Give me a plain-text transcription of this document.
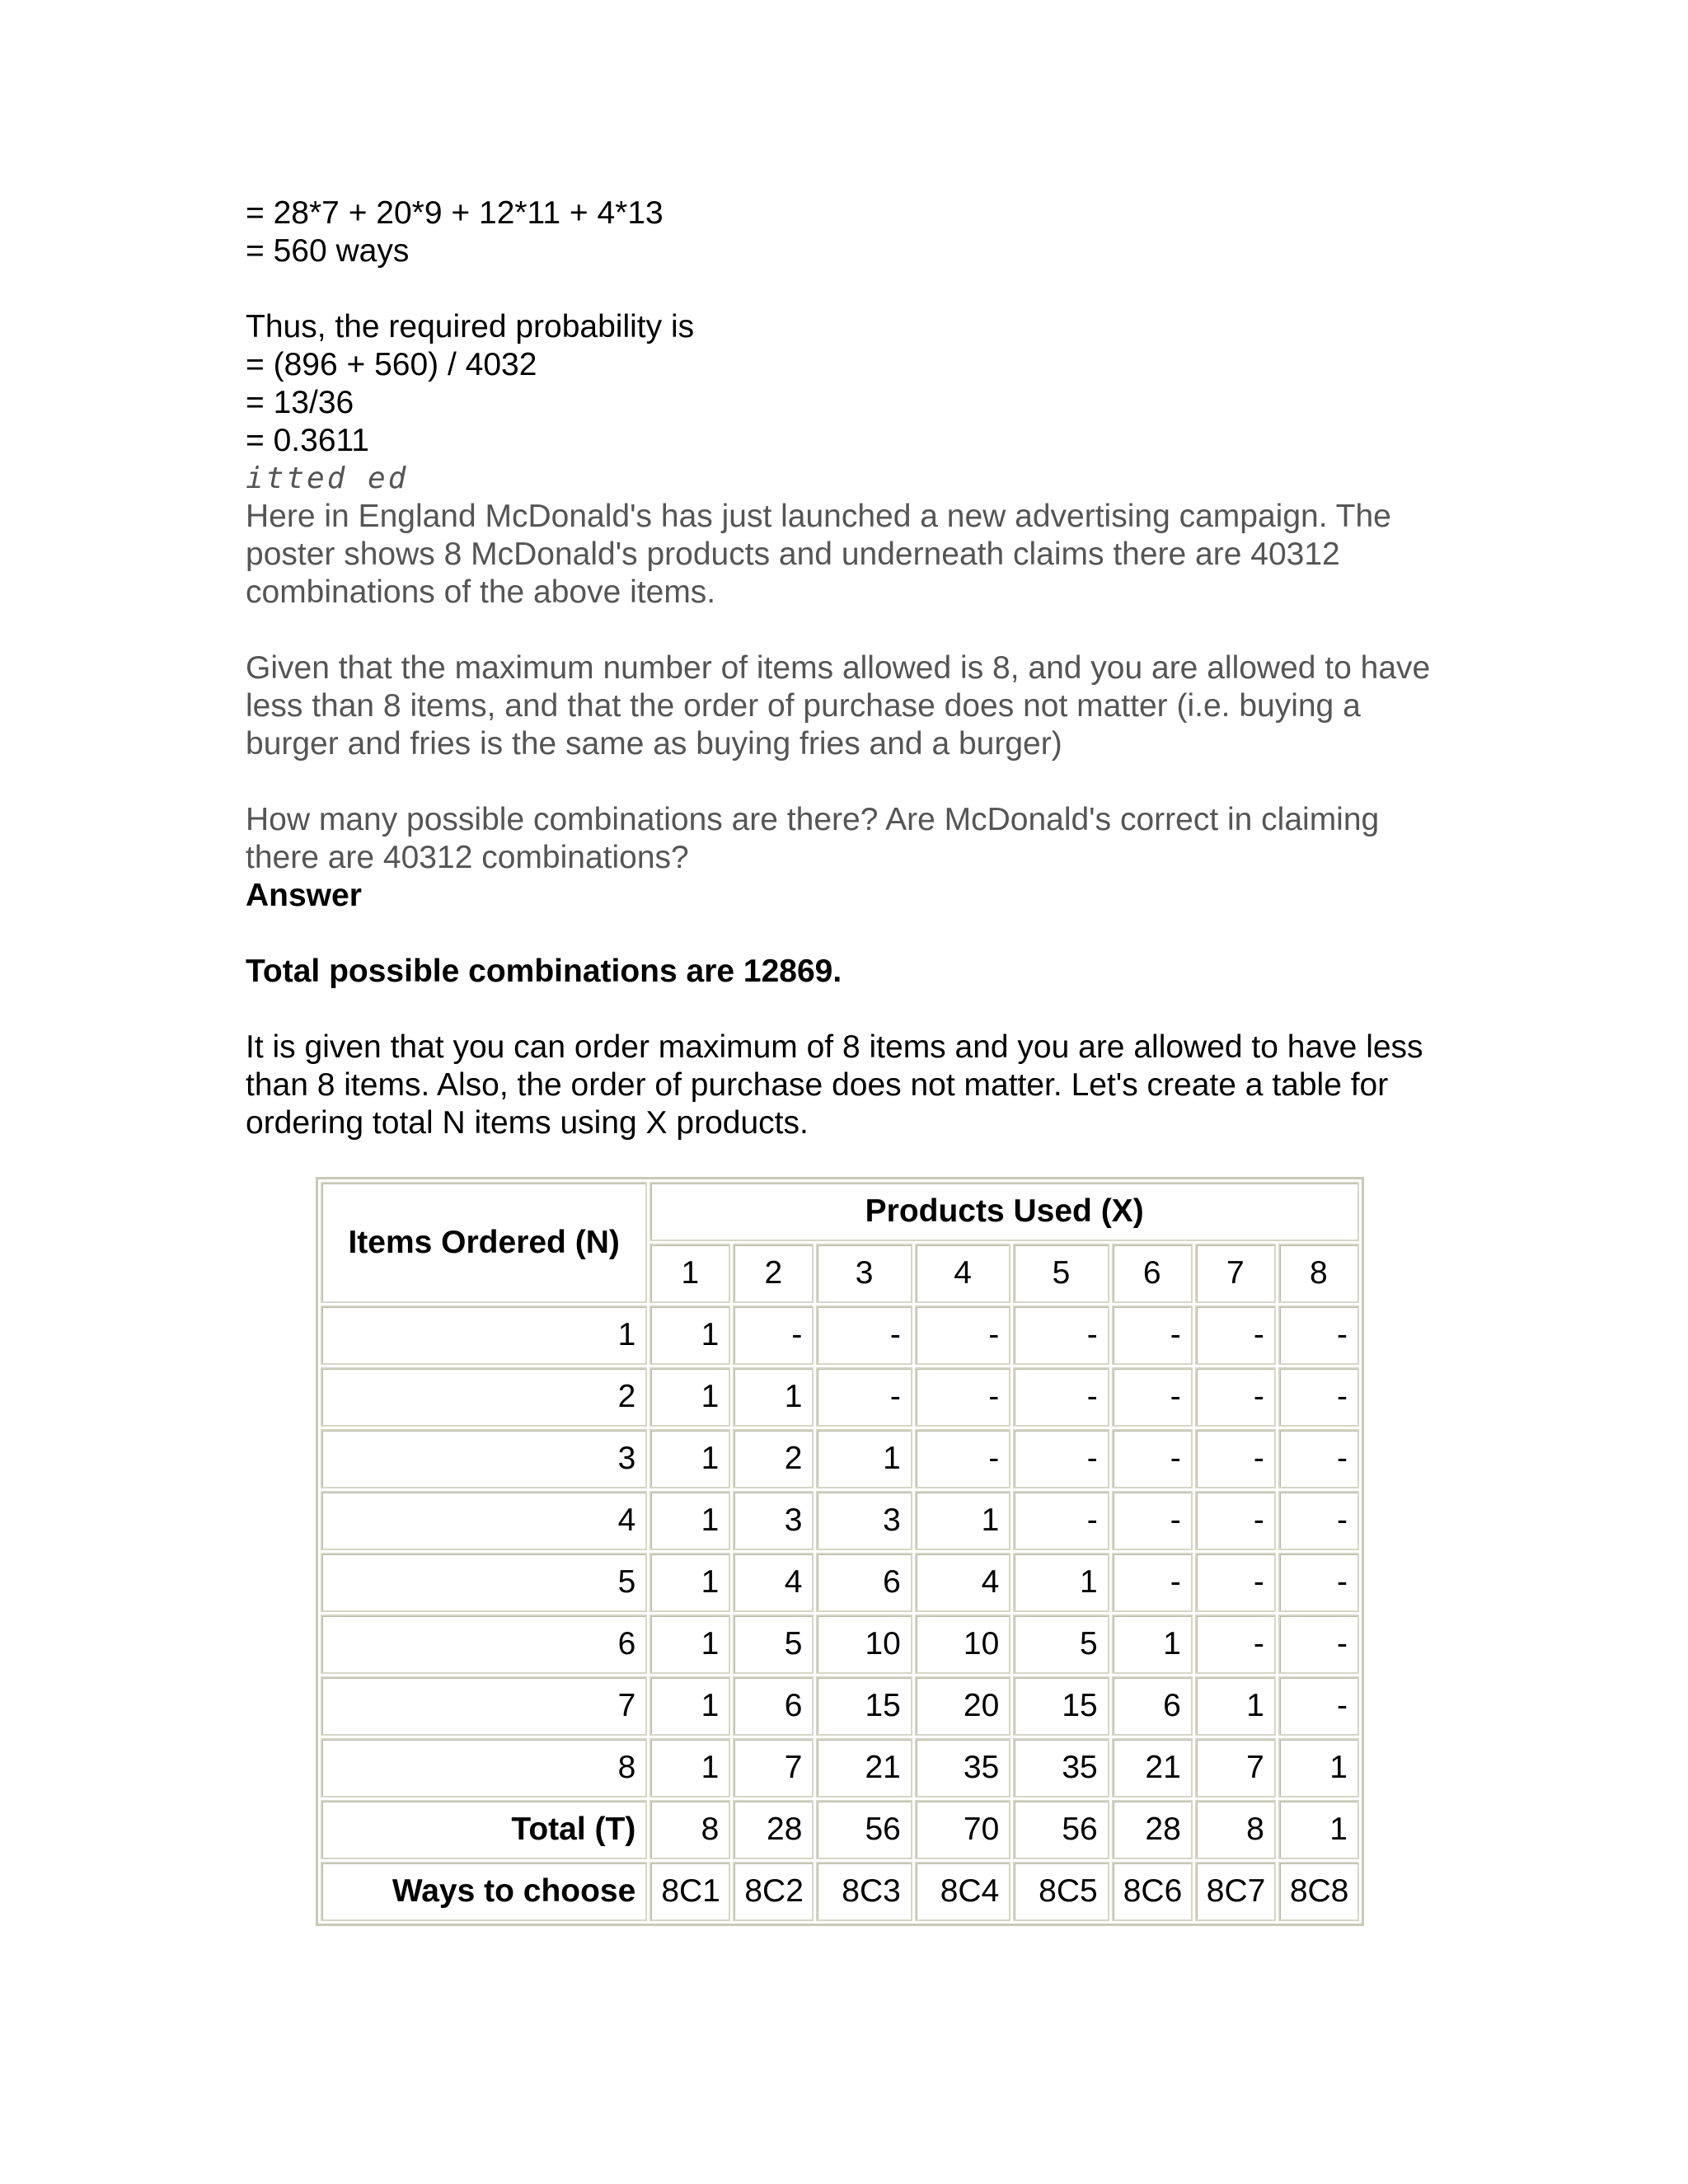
= 28*7 + 20*9 + 12*11 + 4*13

= 560 ways

Thus, the required probability is

= (896 + 560) / 4032

= 13/36

= 0.3611

itted ed

Here in England McDonald's has just launched a new advertising campaign. The poster shows 8 McDonald's products and underneath claims there are 40312 combinations of the above items.

Given that the maximum number of items allowed is 8, and you are allowed to have less than 8 items, and that the order of purchase does not matter (i.e. buying a burger and fries is the same as buying fries and a burger)

How many possible combinations are there? Are McDonald's correct in claiming there are 40312 combinations?

Answer

Total possible combinations are 12869.

It is given that you can order maximum of 8 items and you are allowed to have less than 8 items. Also, the order of purchase does not matter. Let's create a table for ordering total N items using X products.

Items Ordered (N)	Products Used (X)							
	1	2	3	4	5	6	7	8
1	1	-	-	-	-	-	-	-
2	1	1	-	-	-	-	-	-
3	1	2	1	-	-	-	-	-
4	1	3	3	1	-	-	-	-
5	1	4	6	4	1	-	-	-
6	1	5	10	10	5	1	-	-
7	1	6	15	20	15	6	1	-
8	1	7	21	35	35	21	7	1
Total (T)	8	28	56	70	56	28	8	1
Ways to choose	8C1	8C2	8C3	8C4	8C5	8C6	8C7	8C8
